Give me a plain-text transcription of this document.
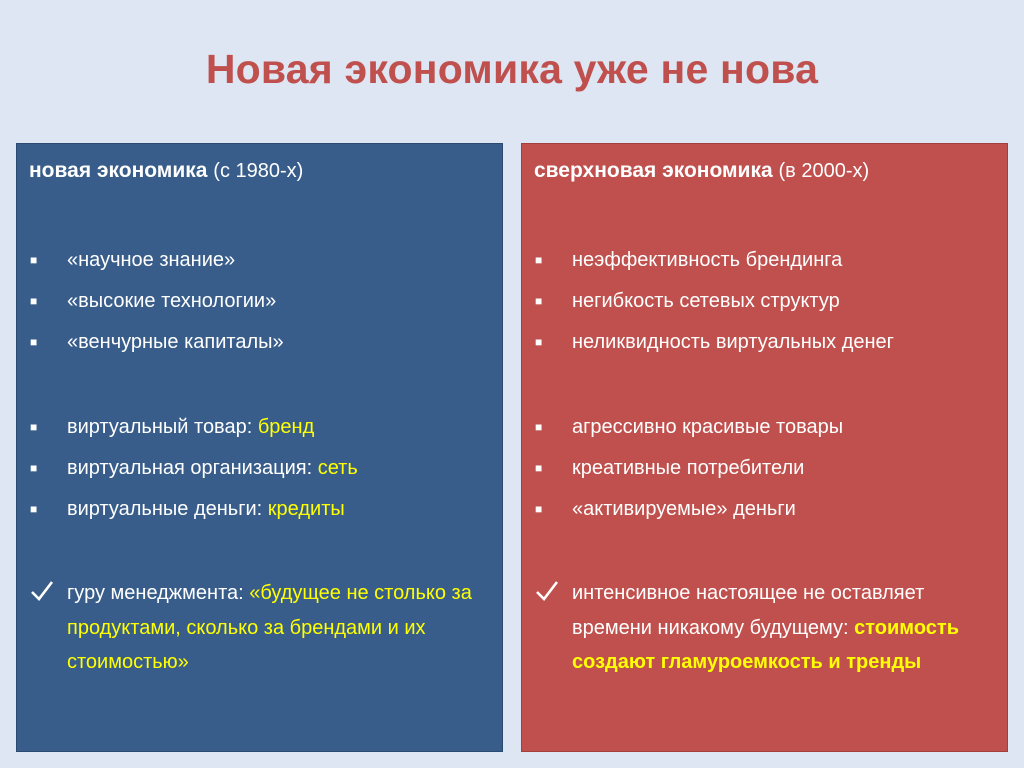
Новая экономика уже не нова
новая экономика (с 1980-х)
■ «научное знание»
■ «высокие технологии»
■ «венчурные капиталы»
■ виртуальный товар: бренд
■ виртуальная организация: сеть
■ виртуальные деньги: кредиты
гуру менеджмента: «будущее не столько за продуктами, сколько за брендами и их стоимостью»
сверхновая экономика (в 2000-х)
■ неэффективность брендинга
■ негибкость сетевых структур
■ неликвидность виртуальных денег
■ агрессивно красивые товары
■ креативные потребители
■ «активируемые» деньги
интенсивное настоящее не оставляет времени никакому будущему: стоимость создают гламуроемкость и тренды
